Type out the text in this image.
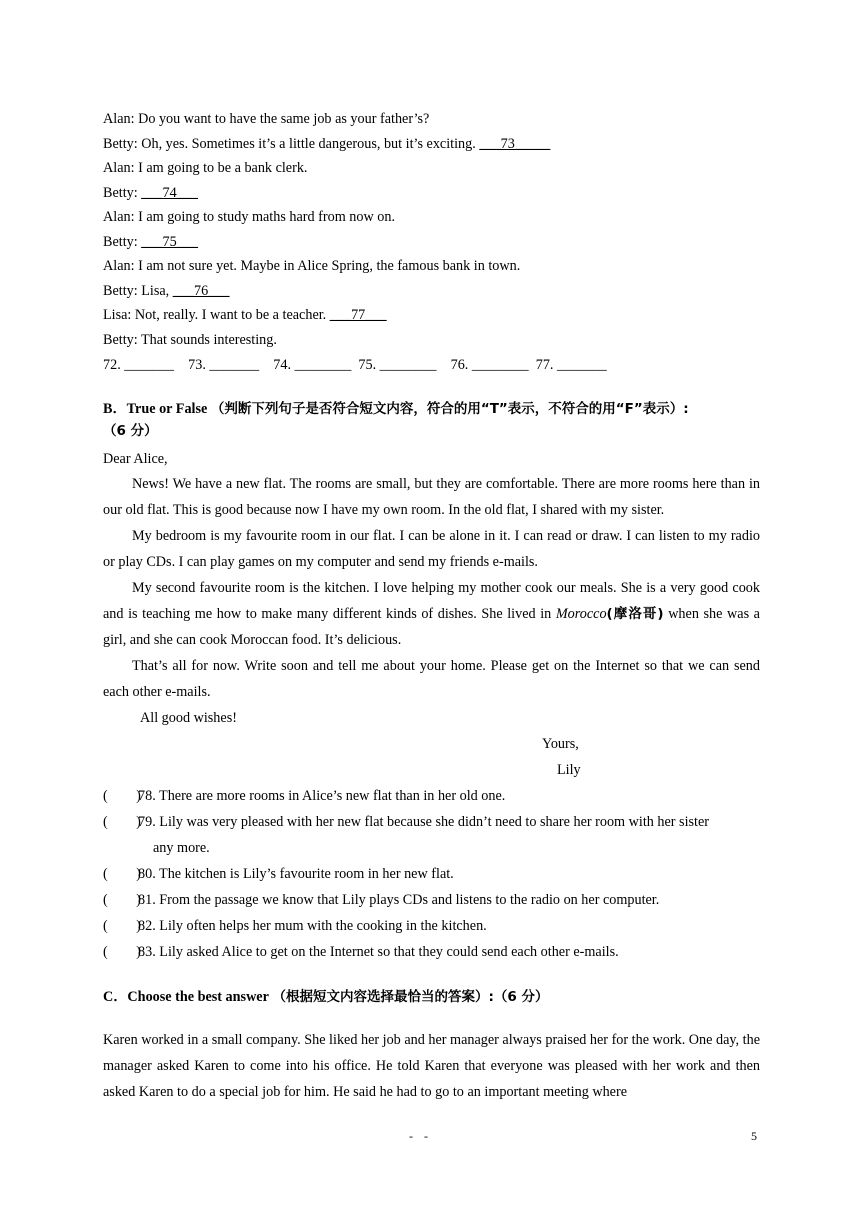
Alan: Do you want to have the same job as your father’s?
Betty: Oh, yes. Sometimes it’s a little dangerous, but it’s exciting. ___73_____
Alan: I am going to be a bank clerk.
Betty: ___74___
Alan: I am going to study maths hard from now on.
Betty: ___75___
Alan: I am not sure yet. Maybe in Alice Spring, the famous bank in town.
Betty: Lisa, ___76___
Lisa: Not, really. I want to be a teacher. ___77___
Betty: That sounds interesting.
72. _______    73. _______    74. ________  75. ________    76. ________  77. _______
B．True or False （判断下列句子是否符合短文内容，符合的用“T”表示，不符合的用“F”表示）:
（6 分）
Dear Alice,
News! We have a new flat. The rooms are small, but they are comfortable. There are more rooms here than in our old flat. This is good because now I have my own room. In the old flat, I shared with my sister.
My bedroom is my favourite room in our flat. I can be alone in it. I can read or draw. I can listen to my radio or play CDs. I can play games on my computer and send my friends e-mails.
My second favourite room is the kitchen. I love helping my mother cook our meals. She is a very good cook and is teaching me how to make many different kinds of dishes. She lived in Morocco(摩洛哥) when she was a girl, and she can cook Moroccan food. It’s delicious.
That’s all for now. Write soon and tell me about your home. Please get on the Internet so that we can send each other e-mails.
All good wishes!
Yours,
Lily
(        )
78. There are more rooms in Alice’s new flat than in her old one.
(        )
79. Lily was very pleased with her new flat because she didn’t need to share her room with her sister
any more.
(        )
80. The kitchen is Lily’s favourite room in her new flat.
(        )
81. From the passage we know that Lily plays CDs and listens to the radio on her computer.
(        )
82. Lily often helps her mum with the cooking in the kitchen.
(        )
83. Lily asked Alice to get on the Internet so that they could send each other e-mails.
C．Choose the best answer （根据短文内容选择最恰当的答案）:（6 分）
Karen worked in a small company. She liked her job and her manager always praised her for the work. One day, the manager asked Karen to come into his office. He told Karen that everyone was pleased with her work and then asked Karen to do a special job for him. He said he had to go to an important meeting where
- -	5
